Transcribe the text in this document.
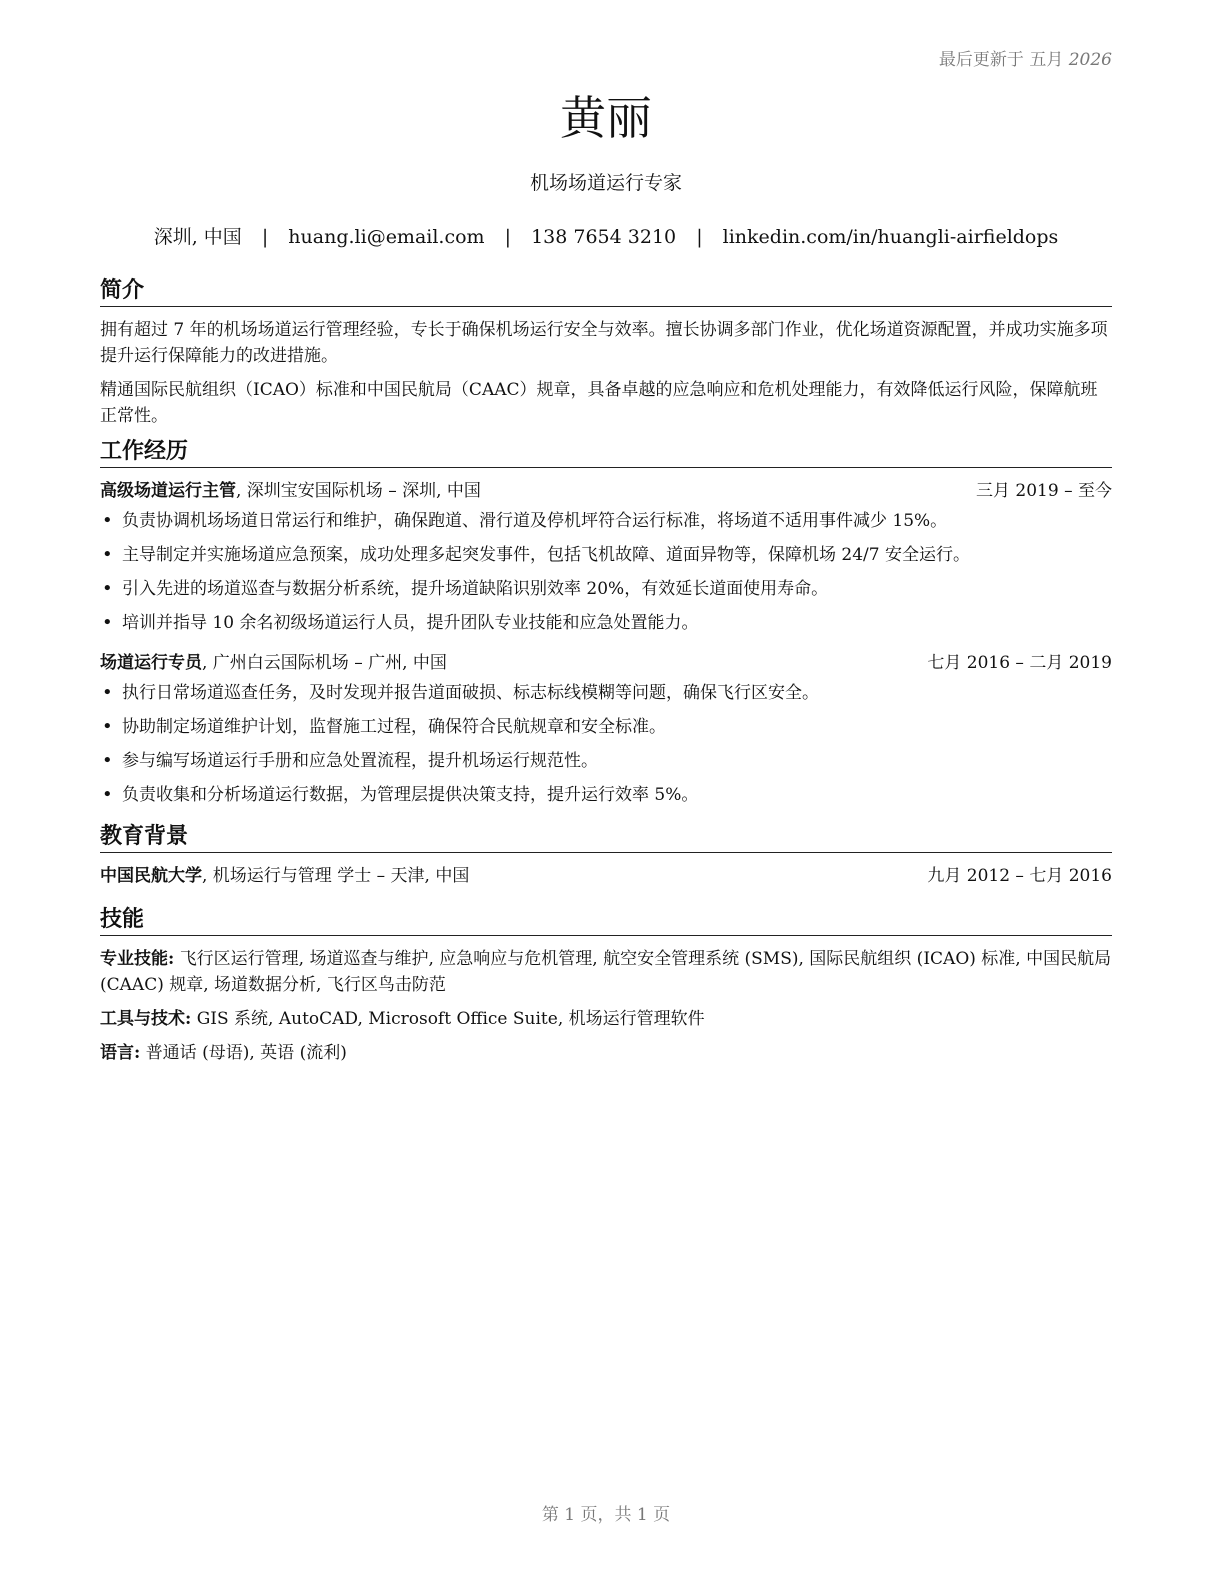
最后更新于 五月 2026
黄丽
机场场道运行专家
深圳, 中国 | huang.li@email.com | 138 7654 3210 | linkedin.com/in/huangli-airfieldops
简介

拥有超过 7 年的机场场道运行管理经验，专长于确保机场运行安全与效率。擅长协调多部门作业，优化场道资源配置，并成功实施多项提升运行保障能力的改进措施。

精通国际民航组织（ICAO）标准和中国民航局（CAAC）规章，具备卓越的应急响应和危机处理能力，有效降低运行风险，保障航班正常性。

工作经历
高级场道运行主管, 深圳宝安国际机场 – 深圳, 中国	三月 2019 – 至今
• 负责协调机场场道日常运行和维护，确保跑道、滑行道及停机坪符合运行标准，将场道不适用事件减少 15%。
• 主导制定并实施场道应急预案，成功处理多起突发事件，包括飞机故障、道面异物等，保障机场 24/7 安全运行。
• 引入先进的场道巡查与数据分析系统，提升场道缺陷识别效率 20%，有效延长道面使用寿命。
• 培训并指导 10 余名初级场道运行人员，提升团队专业技能和应急处置能力。
场道运行专员, 广州白云国际机场 – 广州, 中国	七月 2016 – 二月 2019
• 执行日常场道巡查任务，及时发现并报告道面破损、标志标线模糊等问题，确保飞行区安全。
• 协助制定场道维护计划，监督施工过程，确保符合民航规章和安全标准。
• 参与编写场道运行手册和应急处置流程，提升机场运行规范性。
• 负责收集和分析场道运行数据，为管理层提供决策支持，提升运行效率 5%。
教育背景
中国民航大学, 机场运行与管理 学士 – 天津, 中国	九月 2012 – 七月 2016
技能
专业技能: 飞行区运行管理, 场道巡查与维护, 应急响应与危机管理, 航空安全管理系统 (SMS), 国际民航组织 (ICAO) 标准, 中国民航局 (CAAC) 规章, 场道数据分析, 飞行区鸟击防范
工具与技术: GIS 系统, AutoCAD, Microsoft Office Suite, 机场运行管理软件
语言: 普通话 (母语), 英语 (流利)
第 1 页，共 1 页
